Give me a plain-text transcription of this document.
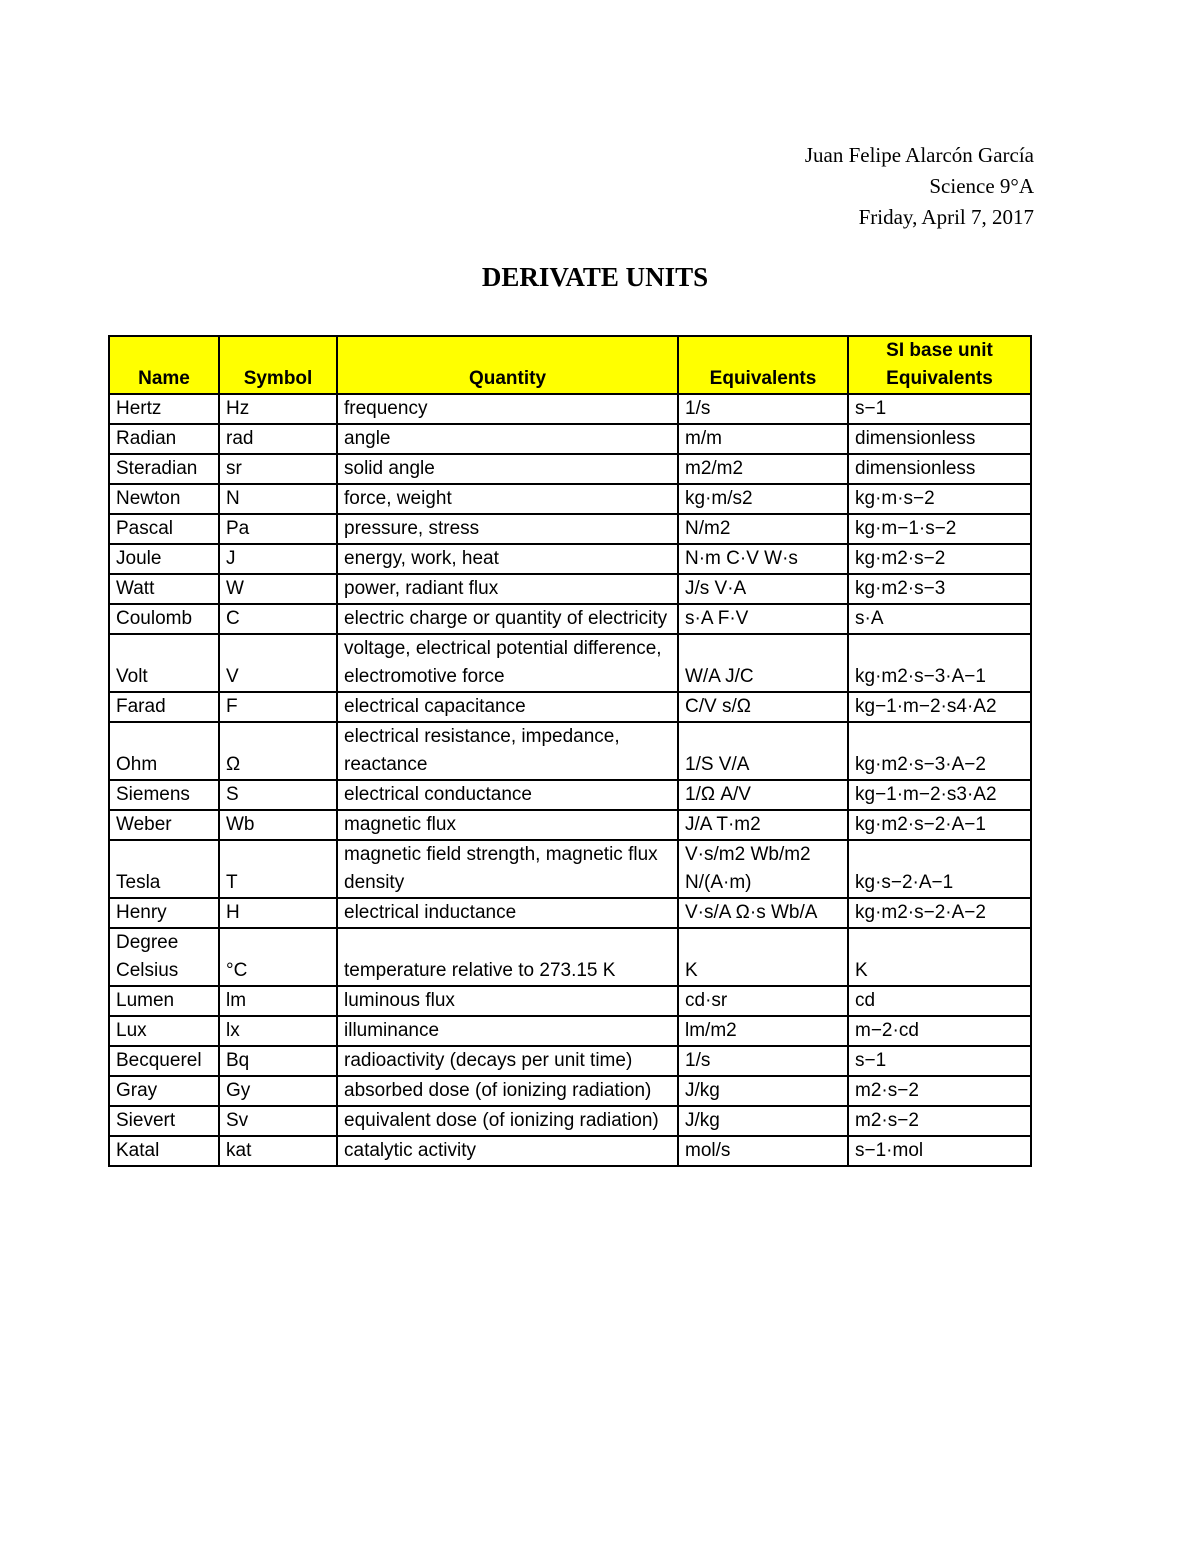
Juan Felipe Alarcón García
Science 9°A
Friday, April 7, 2017
DERIVATE UNITS
Name	Symbol	Quantity	Equivalents	SI base unit Equivalents
Hertz	Hz	frequency	1/s	s−1
Radian	rad	angle	m/m	dimensionless
Steradian	sr	solid angle	m2/m2	dimensionless
Newton	N	force, weight	kg·m/s2	kg·m·s−2
Pascal	Pa	pressure, stress	N/m2	kg·m−1·s−2
Joule	J	energy, work, heat	N·m C·V W·s	kg·m2·s−2
Watt	W	power, radiant flux	J/s V·A	kg·m2·s−3
Coulomb	C	electric charge or quantity of electricity	s·A F·V	s·A
Volt	V	voltage, electrical potential difference, electromotive force	W/A J/C	kg·m2·s−3·A−1
Farad	F	electrical capacitance	C/V s/Ω	kg−1·m−2·s4·A2
Ohm	Ω	electrical resistance, impedance, reactance	1/S V/A	kg·m2·s−3·A−2
Siemens	S	electrical conductance	1/Ω A/V	kg−1·m−2·s3·A2
Weber	Wb	magnetic flux	J/A T·m2	kg·m2·s−2·A−1
Tesla	T	magnetic field strength, magnetic flux density	V·s/m2 Wb/m2 N/(A·m)	kg·s−2·A−1
Henry	H	electrical inductance	V·s/A Ω·s Wb/A	kg·m2·s−2·A−2
Degree Celsius	°C	temperature relative to 273.15 K	K	K
Lumen	lm	luminous flux	cd·sr	cd
Lux	lx	illuminance	lm/m2	m−2·cd
Becquerel	Bq	radioactivity (decays per unit time)	1/s	s−1
Gray	Gy	absorbed dose (of ionizing radiation)	J/kg	m2·s−2
Sievert	Sv	equivalent dose (of ionizing radiation)	J/kg	m2·s−2
Katal	kat	catalytic activity	mol/s	s−1·mol
